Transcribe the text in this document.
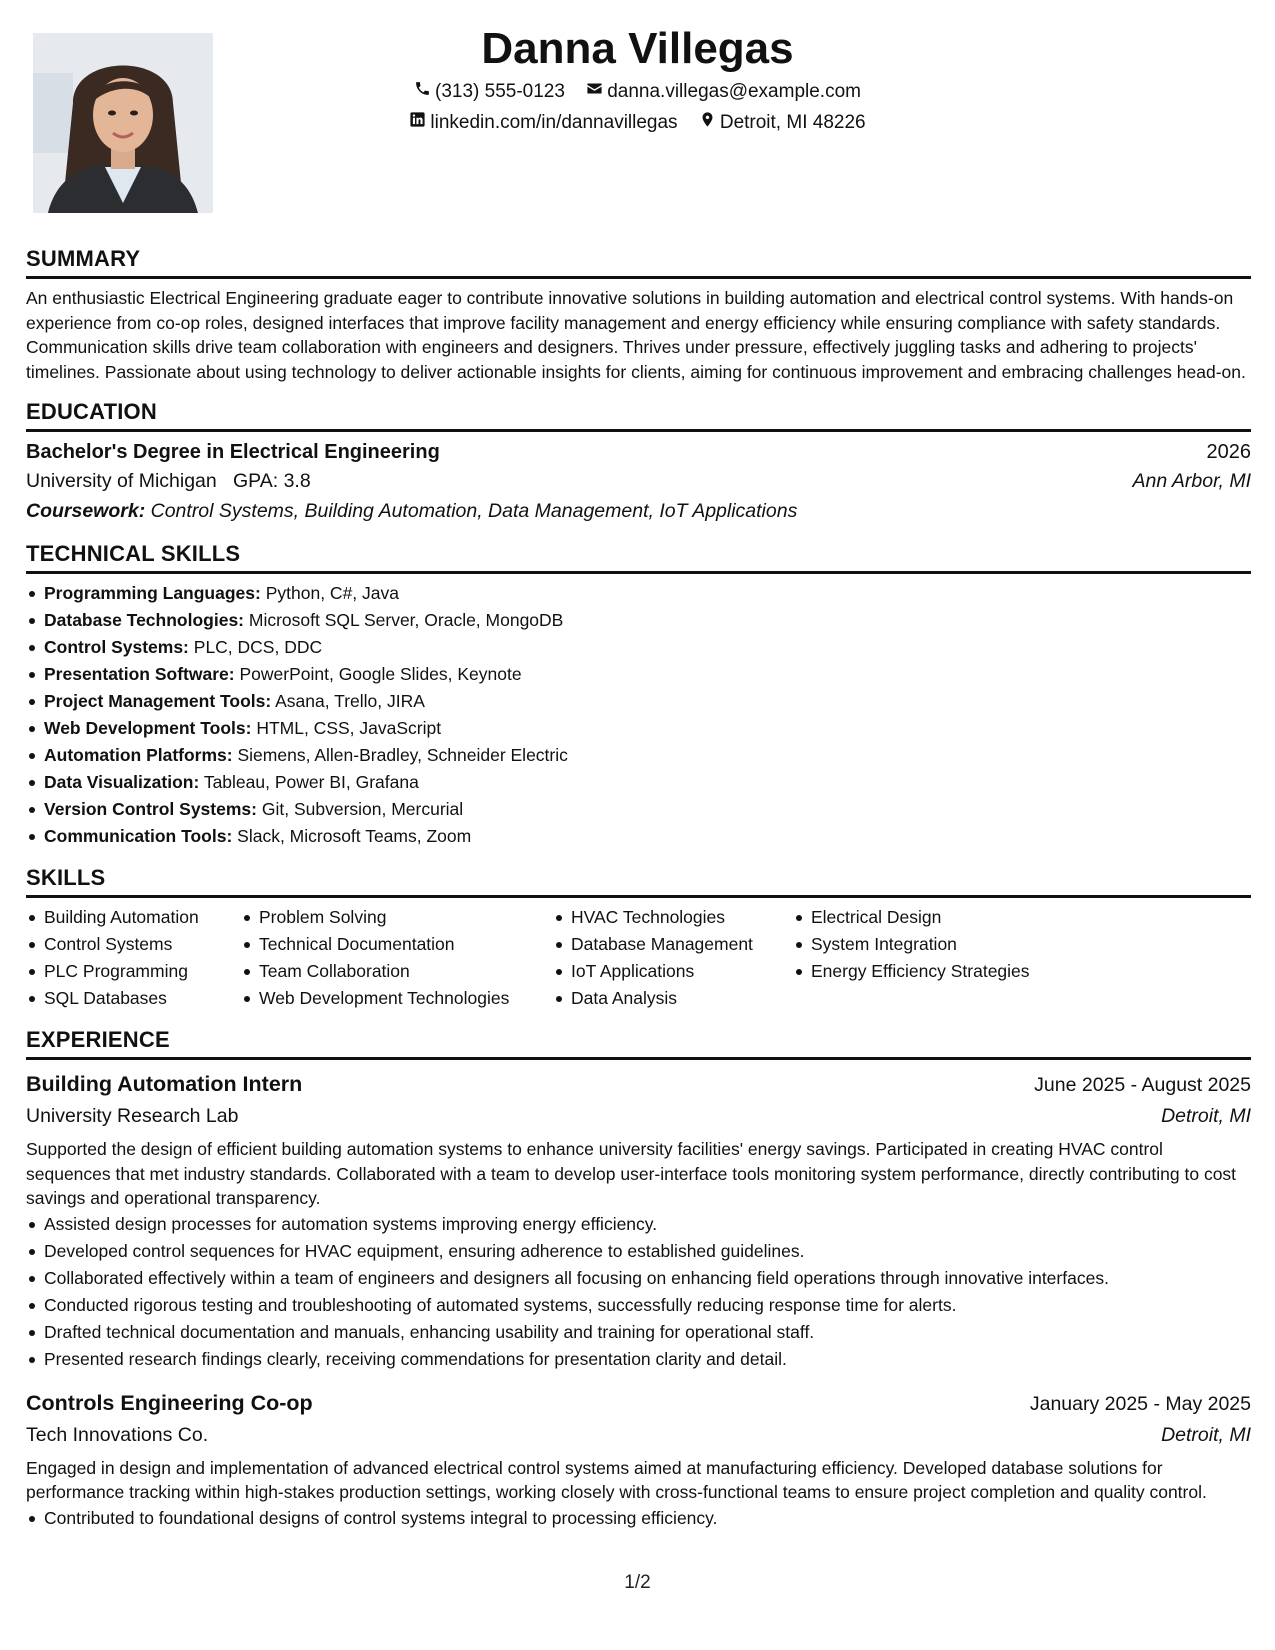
Danna Villegas
(313) 555-0123
danna.villegas@example.com
linkedin.com/in/dannavillegas
Detroit, MI 48226
SUMMARY

An enthusiastic Electrical Engineering graduate eager to contribute innovative solutions in building automation and electrical control systems. With hands-on experience from co-op roles, designed interfaces that improve facility management and energy efficiency while ensuring compliance with safety standards. Communication skills drive team collaboration with engineers and designers. Thrives under pressure, effectively juggling tasks and adhering to projects' timelines. Passionate about using technology to deliver actionable insights for clients, aiming for continuous improvement and embracing challenges head-on.

EDUCATION
Bachelor's Degree in Electrical Engineering	2026
University of Michigan GPA: 3.8	Ann Arbor, MI
Coursework: Control Systems, Building Automation, Data Management, IoT Applications
TECHNICAL SKILLS
Programming Languages: Python, C#, Java
Database Technologies: Microsoft SQL Server, Oracle, MongoDB
Control Systems: PLC, DCS, DDC
Presentation Software: PowerPoint, Google Slides, Keynote
Project Management Tools: Asana, Trello, JIRA
Web Development Tools: HTML, CSS, JavaScript
Automation Platforms: Siemens, Allen-Bradley, Schneider Electric
Data Visualization: Tableau, Power BI, Grafana
Version Control Systems: Git, Subversion, Mercurial
Communication Tools: Slack, Microsoft Teams, Zoom
SKILLS
Building Automation
Control Systems
PLC Programming
SQL Databases
Problem Solving
Technical Documentation
Team Collaboration
Web Development Technologies
HVAC Technologies
Database Management
IoT Applications
Data Analysis
Electrical Design
System Integration
Energy Efficiency Strategies
EXPERIENCE
Building Automation Intern	June 2025 - August 2025
University Research Lab	Detroit, MI
Supported the design of efficient building automation systems to enhance university facilities' energy savings. Participated in creating HVAC control sequences that met industry standards. Collaborated with a team to develop user-interface tools monitoring system performance, directly contributing to cost savings and operational transparency.
Assisted design processes for automation systems improving energy efficiency.
Developed control sequences for HVAC equipment, ensuring adherence to established guidelines.
Collaborated effectively within a team of engineers and designers all focusing on enhancing field operations through innovative interfaces.
Conducted rigorous testing and troubleshooting of automated systems, successfully reducing response time for alerts.
Drafted technical documentation and manuals, enhancing usability and training for operational staff.
Presented research findings clearly, receiving commendations for presentation clarity and detail.
Controls Engineering Co-op	January 2025 - May 2025
Tech Innovations Co.	Detroit, MI
Engaged in design and implementation of advanced electrical control systems aimed at manufacturing efficiency. Developed database solutions for performance tracking within high-stakes production settings, working closely with cross-functional teams to ensure project completion and quality control.
Contributed to foundational designs of control systems integral to processing efficiency.
1/2
